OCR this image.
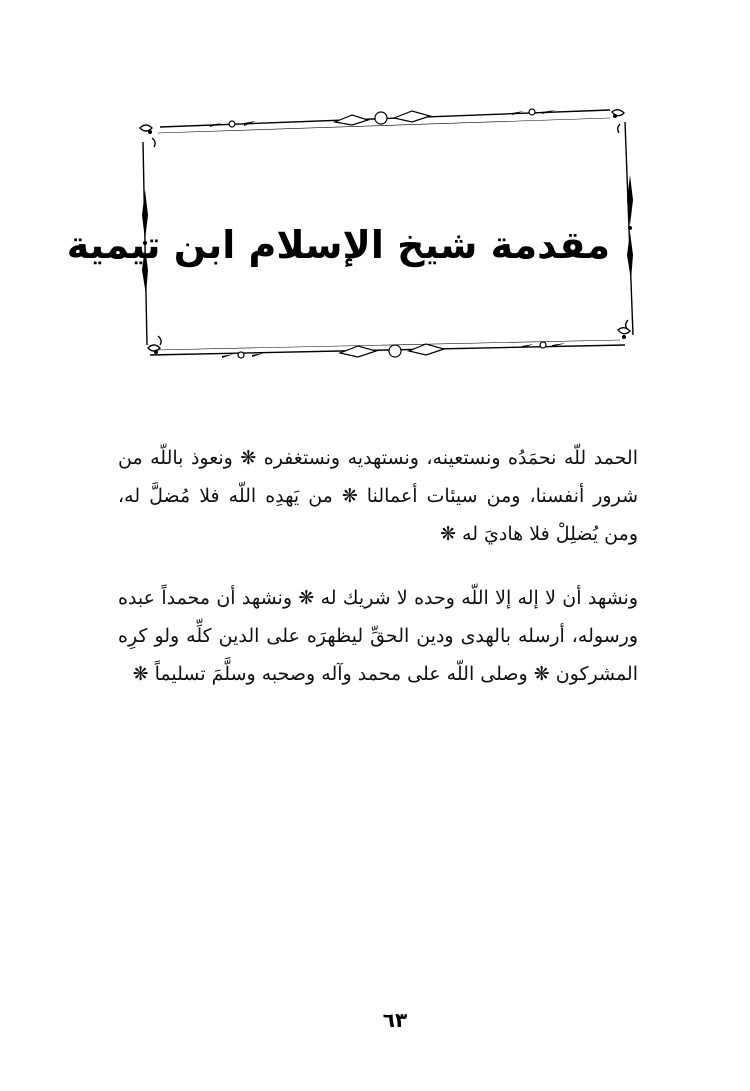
مقدمة شيخ الإسلام ابن تيمية

الحمد للّه نحمَدُه ونستعينه، ونستهديه ونستغفره ❋ ونعوذ باللّه من شرور أنفسنا، ومن سيئات أعمالنا ❋ من يَهدِه اللّه فلا مُضلَّ له، ومن يُضلِلْ فلا هاديَ له ❋

ونشهد أن لا إله إلا اللّه وحده لا شريك له ❋ ونشهد أن محمداً عبده ورسوله، أرسله بالهدى ودين الحقِّ ليظهرَه على الدين كلِّه ولو كرِه المشركون ❋ وصلى اللّه على محمد وآله وصحبه وسلَّمَ تسليماً ❋

٦٣
